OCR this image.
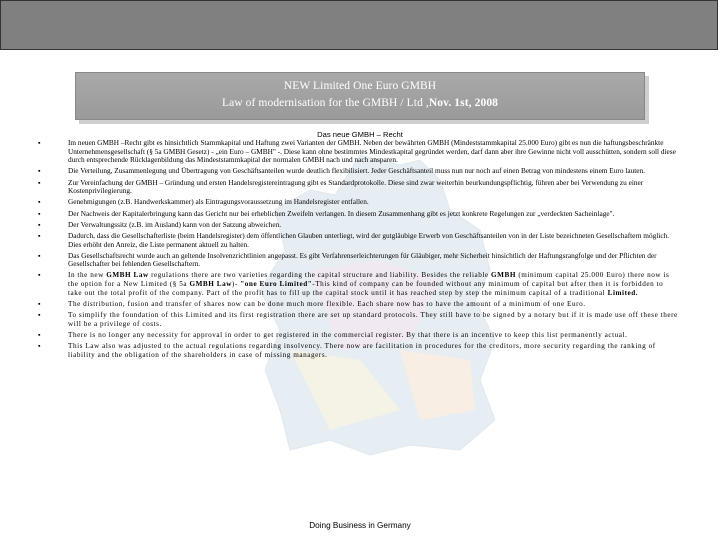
NEW Limited One Euro GMBH
Law of modernisation for the GMBH / Ltd ,Nov. 1st, 2008
Das neue GMBH – Recht
▪	Im neuen GMBH –Recht gibt es hinsichtlich Stammkapital und Haftung zwei Varianten der GMBH. Neben der bewährten GMBH (Mindeststammkapital 25.000 Euro) gibt es nun die haftungsbeschränkte Unternehmensgesellschaft (§ 5a GMBH Gesetz) - „ein Euro – GMBH" -. Diese kann ohne bestimmtes Mindestkapital gegründet werden, darf dann aber ihre Gewinne nicht voll ausschütten, sondern soll diese durch entsprechende Rücklagenbildung das Mindeststammkapital der normalen GMBH nach und nach ansparen.
▪	Die Verteilung, Zusammenlegung und Übertragung von Geschäftsanteilen wurde deutlich flexibilisiert. Jeder Geschäftsanteil muss nun nur noch auf einen Betrag von mindestens einem Euro lauten.
▪	Zur Vereinfachung der GMBH – Gründung und ersten Handelsregistereintragung gibt es Standardprotokolle. Diese sind zwar weiterhin beurkundungspflichtig, führen aber bei Verwendung zu einer Kostenprivilegierung.
▪	Genehmigungen (z.B. Handwerkskammer) als Eintragungsvoraussetzung im Handelsregister entfallen.
▪	Der Nachweis der Kapitalerbringung kann das Gericht nur bei erheblichen Zweifeln verlangen. In diesem Zusammenhang gibt es jetzt konkrete Regelungen zur „verdeckten Sacheinlage".
▪	Der Verwaltungssitz (z.B. im Ausland) kann von der Satzung abweichen.
▪	Dadurch, dass die Gesellschafterliste (beim Handelsregister) dem öffentlichen Glauben unterliegt, wird der gutgläubige Erwerb von Geschäftsanteilen von in der Liste bezeichneten Gesellschaftern möglich. Dies erhöht den Anreiz, die Liste permanent aktuell zu halten.
▪	Das Gesellschaftsrecht wurde auch an geltende Insolvenzrichtlinien angepasst. Es gibt Verfahrenserleichterungen für Gläubiger, mehr Sicherheit hinsichtlich der Haftungsrangfolge und der Pflichten der Gesellschafter bei fehlenden Gesellschaftern.
▪	In the new GMBH Law regulations there are two varieties regarding the capital structure and liability. Besides the reliable GMBH (minimum capital 25.000 Euro) there now is the option for a New Limited (§ 5a GMBH Law)- "one Euro Limited"-This kind of company can be founded without any minimum of capital but after then it is forbidden to take out the total profit of the company. Part of the profit has to fill up the capital stock until it has reached step by step the minimum capital of a traditional Limited.
▪	The distribution, fusion and transfer of shares now can be done much more flexible. Each share now has to have the amount of a minimum of one Euro.
▪	To simplify the foundation of this Limited and its first registration there are set up standard protocols. They still have to be signed by a notary but if it is made use off these there will be a privilege of costs.
▪	There is no longer any necessity for approval in order to get registered in the commercial register. By that there is an incentive to keep this list permanently actual.
▪	This Law also was adjusted to the actual regulations regarding insolvency. There now are facilitation in procedures for the creditors, more security regarding the ranking of liability and the obligation of the shareholders in case of missing managers.
Doing Business in Germany
